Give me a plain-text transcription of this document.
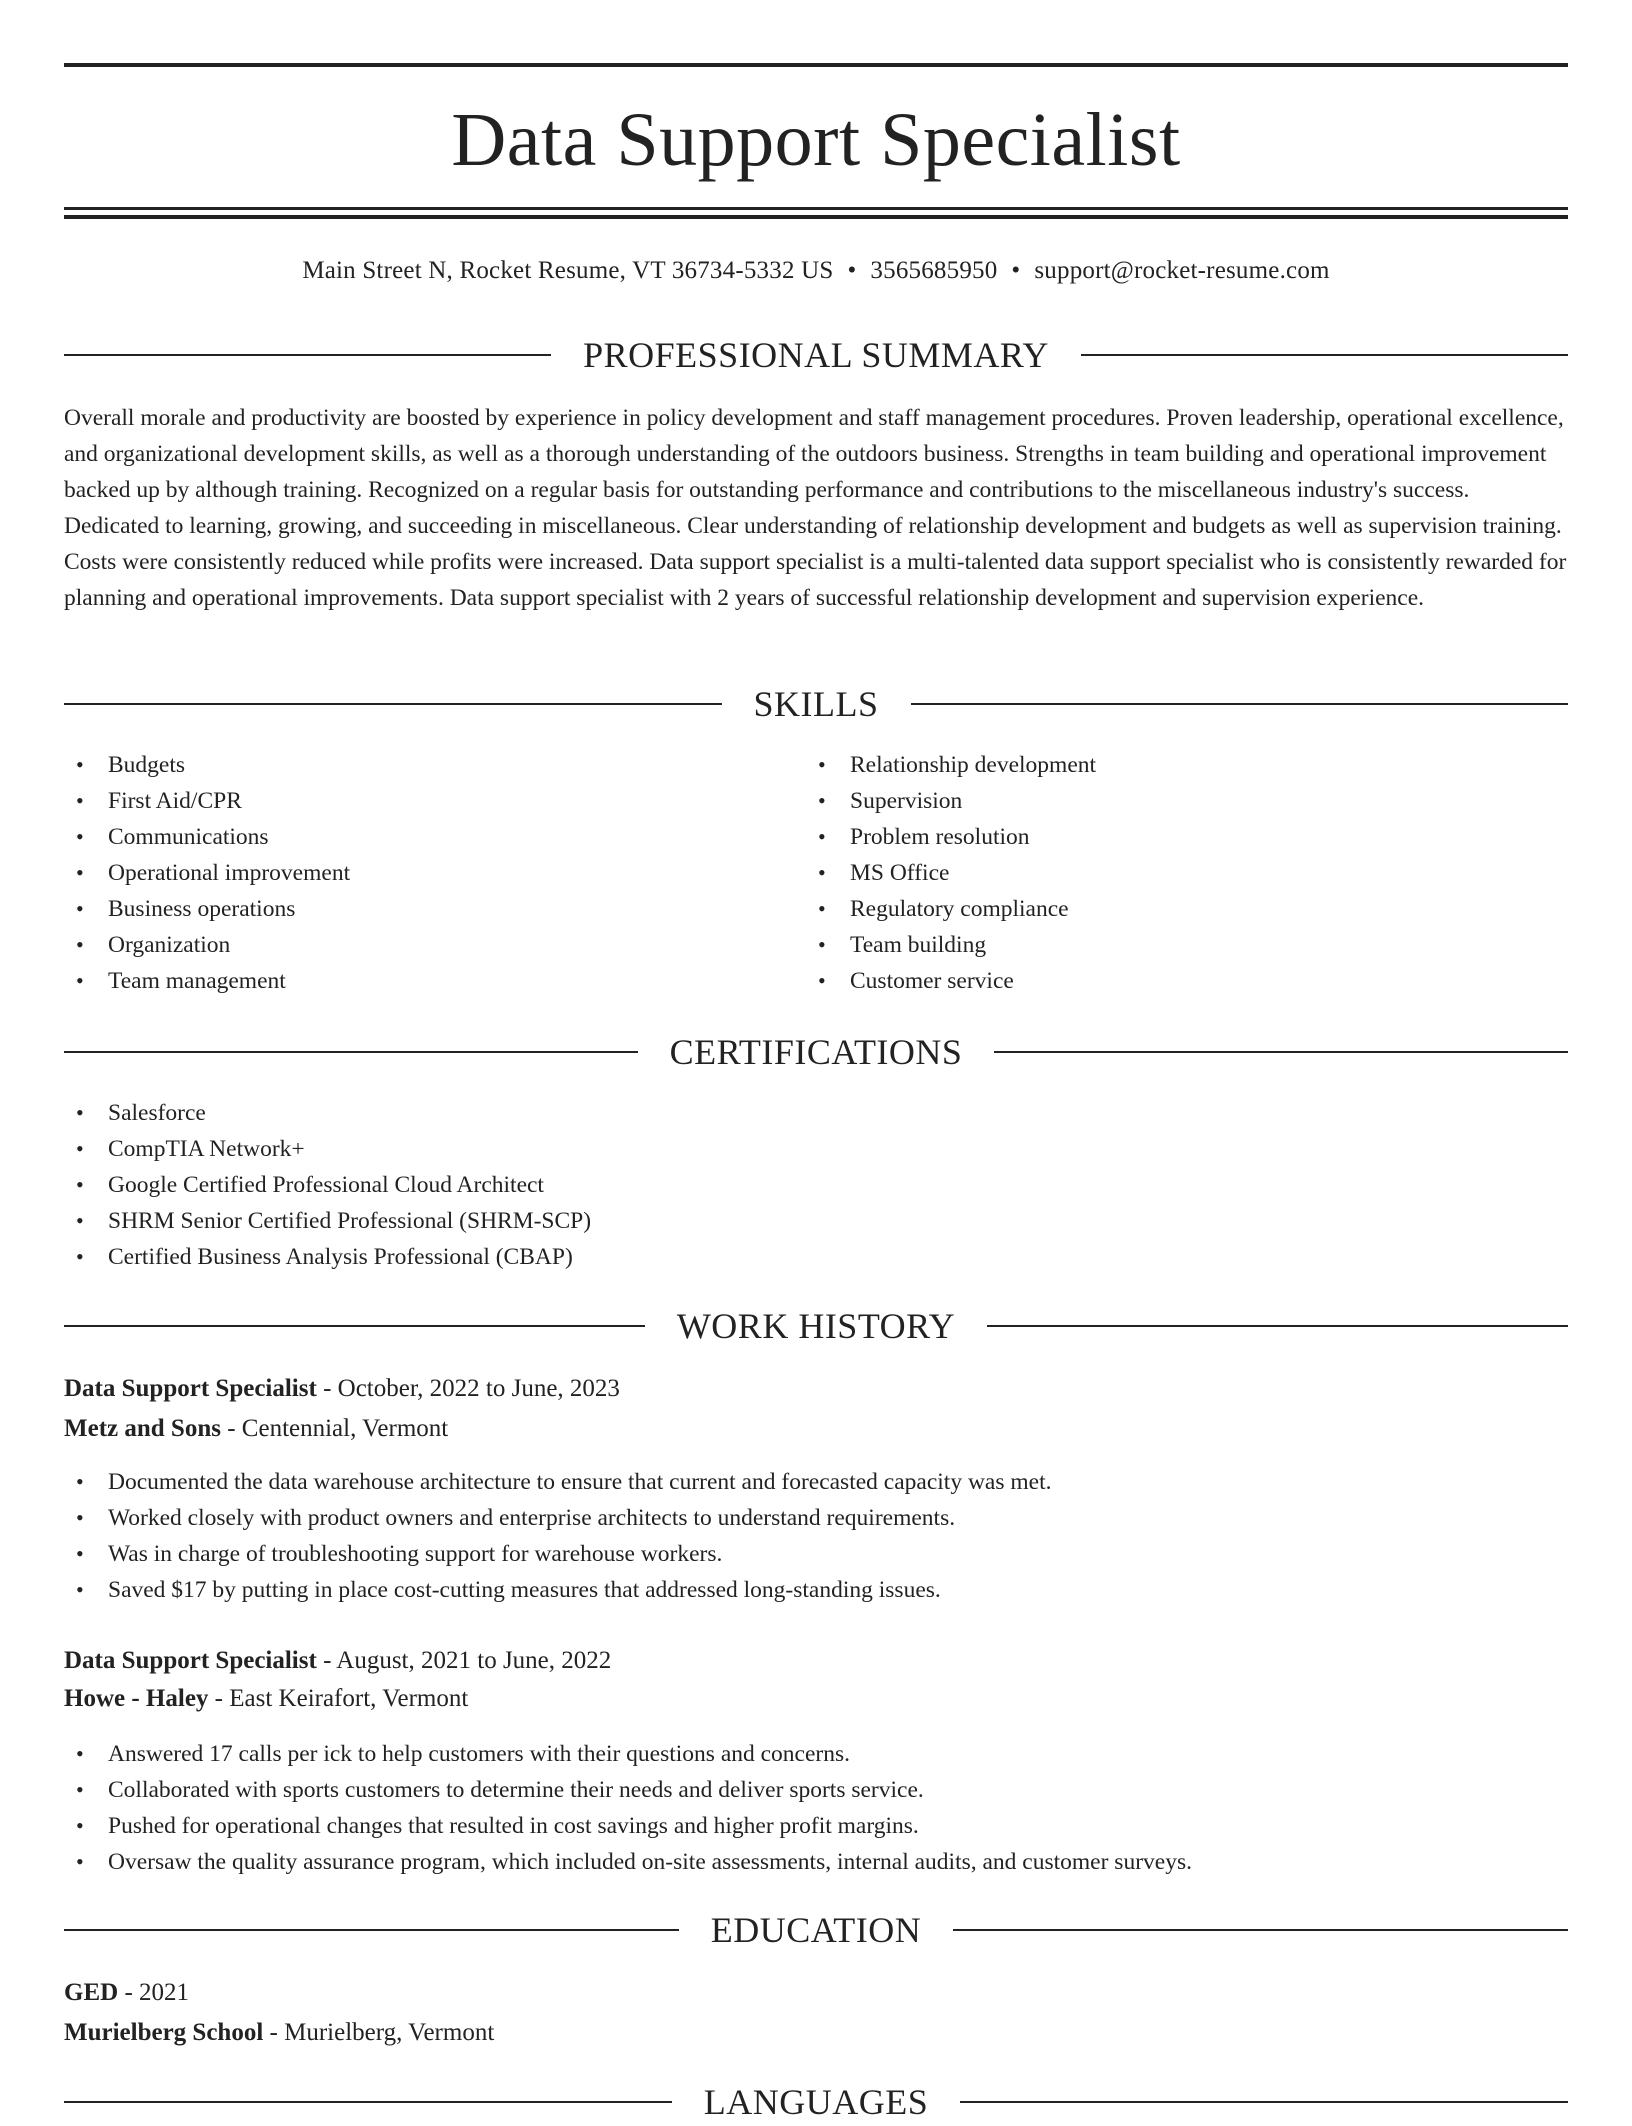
Data Support Specialist
Main Street N, Rocket Resume, VT 36734-5332 US • 3565685950 • support@rocket-resume.com
PROFESSIONAL SUMMARY

Overall morale and productivity are boosted by experience in policy development and staff management procedures. Proven leadership, operational excellence, and organizational development skills, as well as a thorough understanding of the outdoors business. Strengths in team building and operational improvement backed up by although training. Recognized on a regular basis for outstanding performance and contributions to the miscellaneous industry's success. Dedicated to learning, growing, and succeeding in miscellaneous. Clear understanding of relationship development and budgets as well as supervision training. Costs were consistently reduced while profits were increased. Data support specialist is a multi-talented data support specialist who is consistently rewarded for planning and operational improvements. Data support specialist with 2 years of successful relationship development and supervision experience.

SKILLS
• Budgets
• First Aid/CPR
• Communications
• Operational improvement
• Business operations
• Organization
• Team management
• Relationship development
• Supervision
• Problem resolution
• MS Office
• Regulatory compliance
• Team building
• Customer service
CERTIFICATIONS
• Salesforce
• CompTIA Network+
• Google Certified Professional Cloud Architect
• SHRM Senior Certified Professional (SHRM-SCP)
• Certified Business Analysis Professional (CBAP)
WORK HISTORY
Data Support Specialist - October, 2022 to June, 2023
Metz and Sons - Centennial, Vermont
• Documented the data warehouse architecture to ensure that current and forecasted capacity was met.
• Worked closely with product owners and enterprise architects to understand requirements.
• Was in charge of troubleshooting support for warehouse workers.
• Saved $17 by putting in place cost-cutting measures that addressed long-standing issues.
Data Support Specialist - August, 2021 to June, 2022
Howe - Haley - East Keirafort, Vermont
• Answered 17 calls per ick to help customers with their questions and concerns.
• Collaborated with sports customers to determine their needs and deliver sports service.
• Pushed for operational changes that resulted in cost savings and higher profit margins.
• Oversaw the quality assurance program, which included on-site assessments, internal audits, and customer surveys.
EDUCATION
GED - 2021
Murielberg School - Murielberg, Vermont
LANGUAGES
